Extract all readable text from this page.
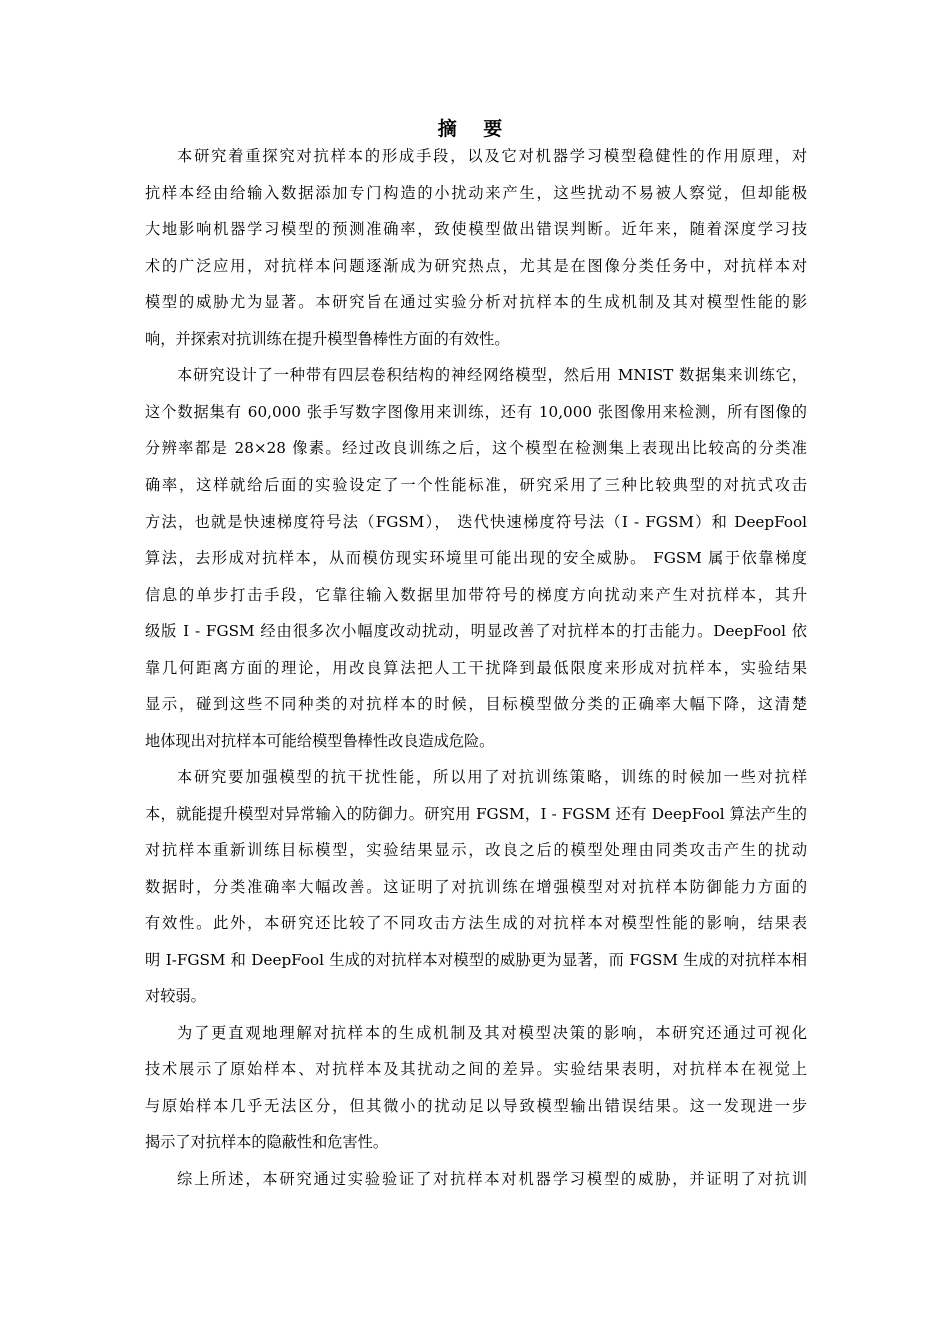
摘 要
本研究着重探究对抗样本的形成手段，以及它对机器学习模型稳健性的作用原理，对
抗样本经由给输入数据添加专门构造的小扰动来产生，这些扰动不易被人察觉，但却能极
大地影响机器学习模型的预测准确率，致使模型做出错误判断。近年来，随着深度学习技
术的广泛应用，对抗样本问题逐渐成为研究热点，尤其是在图像分类任务中，对抗样本对
模型的威胁尤为显著。本研究旨在通过实验分析对抗样本的生成机制及其对模型性能的影
响，并探索对抗训练在提升模型鲁棒性方面的有效性。
本研究设计了一种带有四层卷积结构的神经网络模型，然后用 MNIST 数据集来训练它，
这个数据集有 60,000 张手写数字图像用来训练，还有 10,000 张图像用来检测，所有图像的
分辨率都是 28×28 像素。经过改良训练之后，这个模型在检测集上表现出比较高的分类准
确率，这样就给后面的实验设定了一个性能标准，研究采用了三种比较典型的对抗式攻击
方法，也就是快速梯度符号法（FGSM）， 迭代快速梯度符号法（I - FGSM）和 DeepFool
算法，去形成对抗样本，从而模仿现实环境里可能出现的安全威胁。 FGSM 属于依靠梯度
信息的单步打击手段，它靠往输入数据里加带符号的梯度方向扰动来产生对抗样本，其升
级版 I - FGSM 经由很多次小幅度改动扰动，明显改善了对抗样本的打击能力。DeepFool 依
靠几何距离方面的理论，用改良算法把人工干扰降到最低限度来形成对抗样本，实验结果
显示，碰到这些不同种类的对抗样本的时候，目标模型做分类的正确率大幅下降，这清楚
地体现出对抗样本可能给模型鲁棒性改良造成危险。
本研究要加强模型的抗干扰性能，所以用了对抗训练策略，训练的时候加一些对抗样
本，就能提升模型对异常输入的防御力。研究用 FGSM，I - FGSM 还有 DeepFool 算法产生的
对抗样本重新训练目标模型，实验结果显示，改良之后的模型处理由同类攻击产生的扰动
数据时，分类准确率大幅改善。这证明了对抗训练在增强模型对对抗样本防御能力方面的
有效性。此外，本研究还比较了不同攻击方法生成的对抗样本对模型性能的影响，结果表
明 I-FGSM 和 DeepFool 生成的对抗样本对模型的威胁更为显著，而 FGSM 生成的对抗样本相
对较弱。
为了更直观地理解对抗样本的生成机制及其对模型决策的影响，本研究还通过可视化
技术展示了原始样本、对抗样本及其扰动之间的差异。实验结果表明，对抗样本在视觉上
与原始样本几乎无法区分，但其微小的扰动足以导致模型输出错误结果。这一发现进一步
揭示了对抗样本的隐蔽性和危害性。
综上所述，本研究通过实验验证了对抗样本对机器学习模型的威胁，并证明了对抗训
